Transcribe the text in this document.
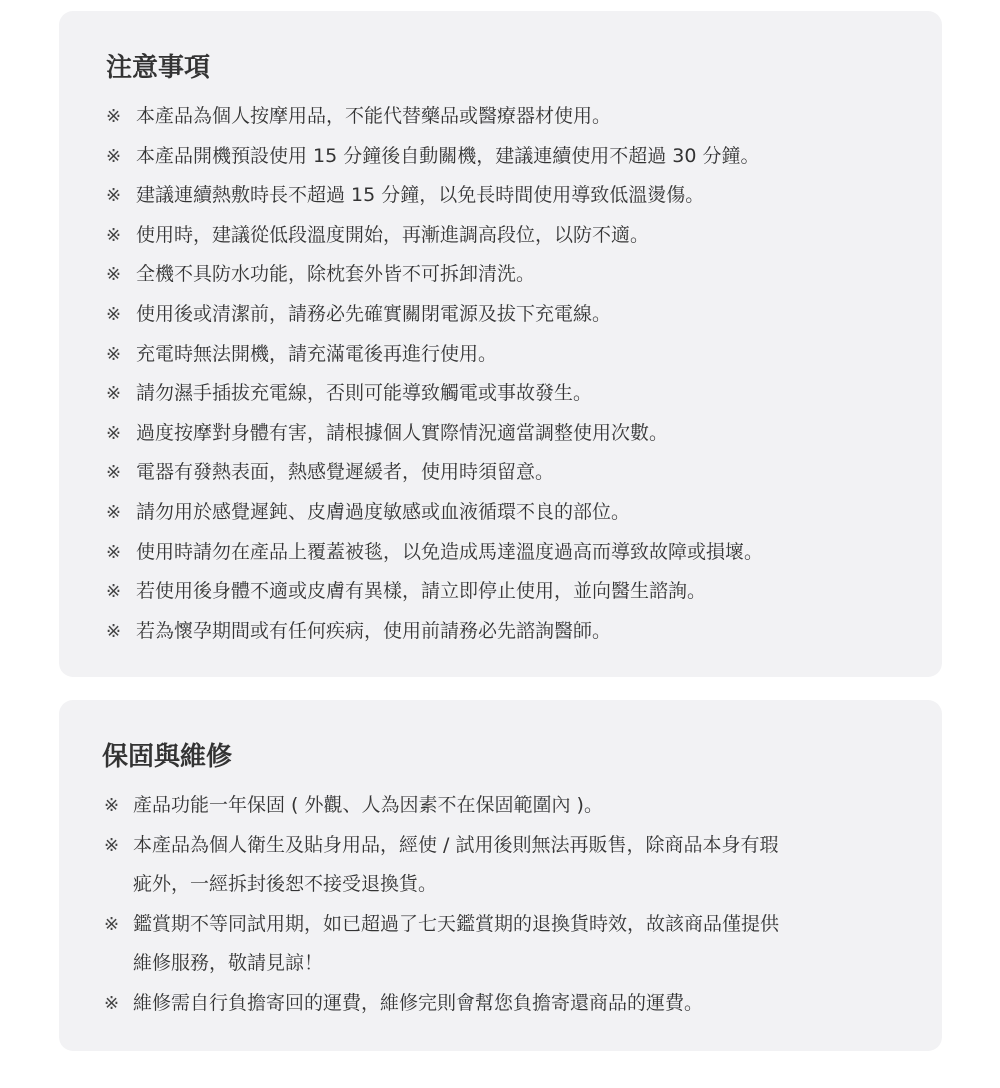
注意事項
※ 本產品為個人按摩用品，不能代替藥品或醫療器材使用。
※ 本產品開機預設使用 15 分鐘後自動關機，建議連續使用不超過 30 分鐘。
※ 建議連續熱敷時長不超過 15 分鐘，以免長時間使用導致低溫燙傷。
※ 使用時，建議從低段溫度開始，再漸進調高段位，以防不適。
※ 全機不具防水功能，除枕套外皆不可拆卸清洗。
※ 使用後或清潔前，請務必先確實關閉電源及拔下充電線。
※ 充電時無法開機，請充滿電後再進行使用。
※ 請勿濕手插拔充電線，否則可能導致觸電或事故發生。
※ 過度按摩對身體有害，請根據個人實際情況適當調整使用次數。
※ 電器有發熱表面，熱感覺遲緩者，使用時須留意。
※ 請勿用於感覺遲鈍、皮膚過度敏感或血液循環不良的部位。
※ 使用時請勿在產品上覆蓋被毯，以免造成馬達溫度過高而導致故障或損壞。
※ 若使用後身體不適或皮膚有異樣，請立即停止使用，並向醫生諮詢。
※ 若為懷孕期間或有任何疾病，使用前請務必先諮詢醫師。
保固與維修
※ 產品功能一年保固 ( 外觀、人為因素不在保固範圍內 )。
※ 本產品為個人衛生及貼身用品，經使 / 試用後則無法再販售，除商品本身有瑕
疵外，一經拆封後恕不接受退換貨。
※ 鑑賞期不等同試用期，如已超過了七天鑑賞期的退換貨時效，故該商品僅提供
維修服務，敬請見諒！
※ 維修需自行負擔寄回的運費，維修完則會幫您負擔寄還商品的運費。
